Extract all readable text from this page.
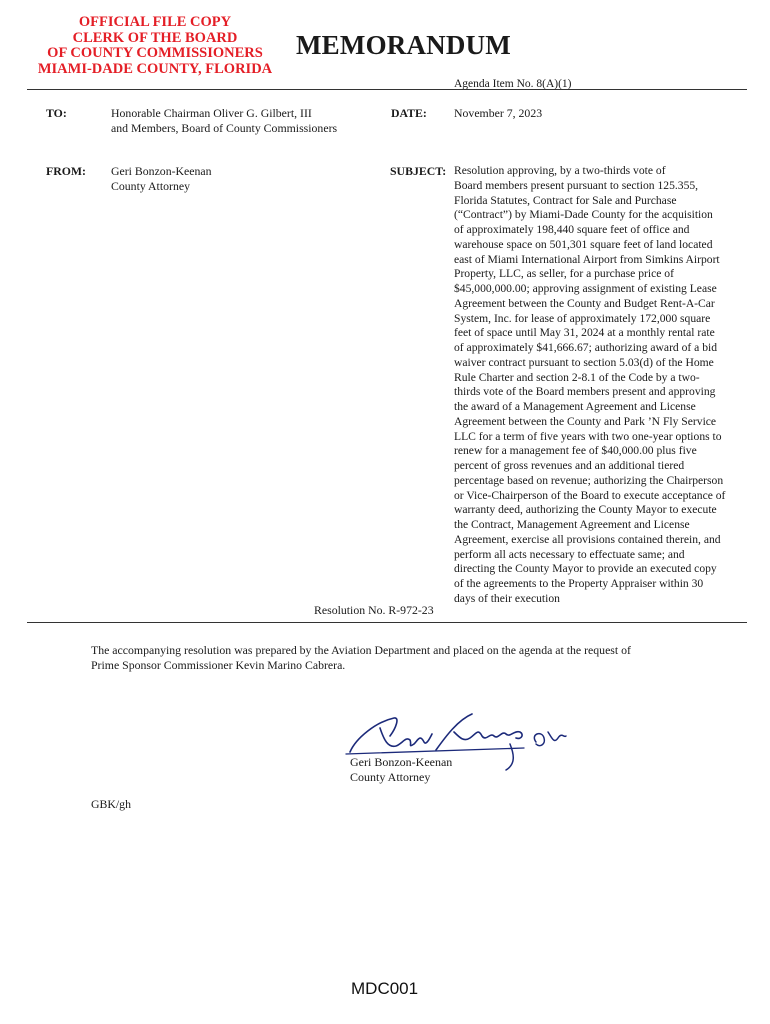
OFFICIAL FILE COPY
CLERK OF THE BOARD
OF COUNTY COMMISSIONERS
MIAMI-DADE COUNTY, FLORIDA
MEMORANDUM
Agenda Item No. 8(A)(1)
TO:	Honorable Chairman Oliver G. Gilbert, III
and Members, Board of County Commissioners
DATE: November 7, 2023
FROM: Geri Bonzon-Keenan
County Attorney
SUBJECT: Resolution approving, by a two-thirds vote of
Board members present pursuant to section 125.355,
Florida Statutes, Contract for Sale and Purchase
(“Contract”) by Miami-Dade County for the acquisition
of approximately 198,440 square feet of office and
warehouse space on 501,301 square feet of land located
east of Miami International Airport from Simkins Airport
Property, LLC, as seller, for a purchase price of
$45,000,000.00; approving assignment of existing Lease
Agreement between the County and Budget Rent-A-Car
System, Inc. for lease of approximately 172,000 square
feet of space until May 31, 2024 at a monthly rental rate
of approximately $41,666.67; authorizing award of a bid
waiver contract pursuant to section 5.03(d) of the Home
Rule Charter and section 2-8.1 of the Code by a two-
thirds vote of the Board members present and approving
the award of a Management Agreement and License
Agreement between the County and Park ’N Fly Service
LLC for a term of five years with two one-year options to
renew for a management fee of $40,000.00 plus five
percent of gross revenues and an additional tiered
percentage based on revenue; authorizing the Chairperson
or Vice-Chairperson of the Board to execute acceptance of
warranty deed, authorizing the County Mayor to execute
the Contract, Management Agreement and License
Agreement, exercise all provisions contained therein, and
perform all acts necessary to effectuate same; and
directing the County Mayor to provide an executed copy
of the agreements to the Property Appraiser within 30
days of their execution
Resolution No. R-972-23
The accompanying resolution was prepared by the Aviation Department and placed on the agenda at the request of
Prime Sponsor Commissioner Kevin Marino Cabrera.
Geri Bonzon-Keenan
County Attorney
GBK/gh
MDC001
